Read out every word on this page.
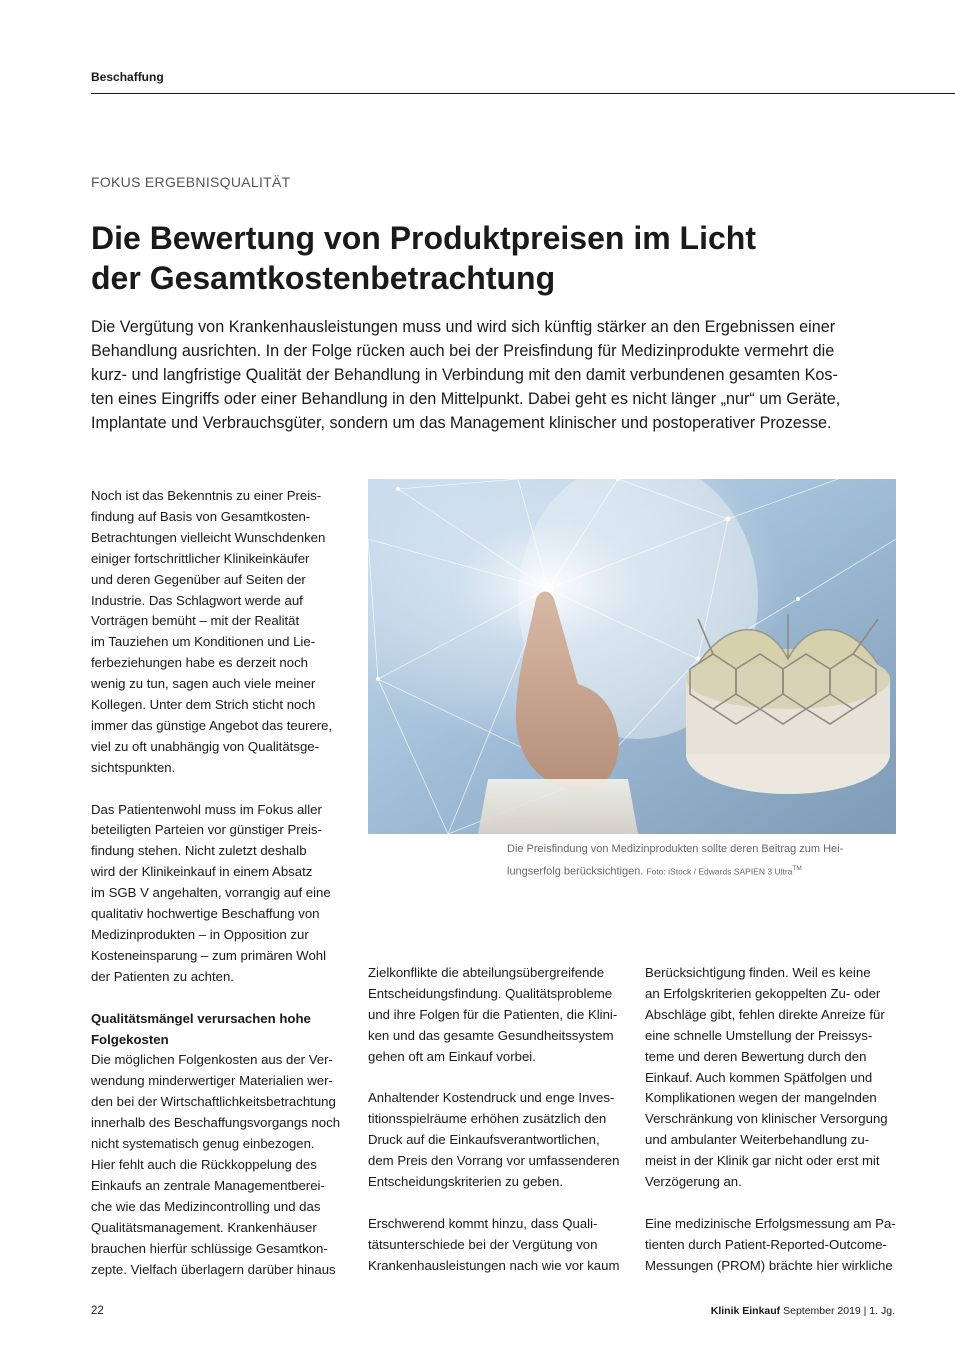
Beschaffung
FOKUS ERGEBNISQUALITÄT
Die Bewertung von Produktpreisen im Licht
der Gesamtkostenbetrachtung
Die Vergütung von Krankenhausleistungen muss und wird sich künftig stärker an den Ergebnissen einer
Behandlung ausrichten. In der Folge rücken auch bei der Preisfindung für Medizinprodukte vermehrt die
kurz- und langfristige Qualität der Behandlung in Verbindung mit den damit verbundenen gesamten Kos-
ten eines Eingriffs oder einer Behandlung in den Mittelpunkt. Dabei geht es nicht länger „nur“ um Geräte,
Implantate und Verbrauchsgüter, sondern um das Management klinischer und postoperativer Prozesse.
Noch ist das Bekenntnis zu einer Preis-
findung auf Basis von Gesamtkosten-
Betrachtungen vielleicht Wunschdenken
einiger fortschrittlicher Klinikeinkäufer
und deren Gegenüber auf Seiten der
Industrie. Das Schlagwort werde auf
Vorträgen bemüht – mit der Realität
im Tauziehen um Konditionen und Lie-
ferbeziehungen habe es derzeit noch
wenig zu tun, sagen auch viele meiner
Kollegen. Unter dem Strich sticht noch
immer das günstige Angebot das teurere,
viel zu oft unabhängig von Qualitätsge-
sichtspunkten.
Das Patientenwohl muss im Fokus aller
beteiligten Parteien vor günstiger Preis-
findung stehen. Nicht zuletzt deshalb
wird der Klinikeinkauf in einem Absatz
im SGB V angehalten, vorrangig auf eine
qualitativ hochwertige Beschaffung von
Medizinprodukten – in Opposition zur
Kosteneinsparung – zum primären Wohl
der Patienten zu achten.
Qualitätsmängel verursachen hohe
Folgekosten
Die möglichen Folgenkosten aus der Ver-
wendung minderwertiger Materialien wer-
den bei der Wirtschaftlichkeitsbetrachtung
innerhalb des Beschaffungsvorgangs noch
nicht systematisch genug einbezogen.
Hier fehlt auch die Rückkoppelung des
Einkaufs an zentrale Managementberei-
che wie das Medizincontrolling und das
Qualitätsmanagement. Krankenhäuser
brauchen hierfür schlüssige Gesamtkon-
zepte. Vielfach überlagern darüber hinaus
Die Preisfindung von Medizinprodukten sollte deren Beitrag zum Hei-
lungserfolg berücksichtigen. Foto: iStock / Edwards SAPIEN 3 Ultra™
Zielkonflikte die abteilungsübergreifende
Entscheidungsfindung. Qualitätsprobleme
und ihre Folgen für die Patienten, die Klini-
ken und das gesamte Gesundheitssystem
gehen oft am Einkauf vorbei.
Anhaltender Kostendruck und enge Inves-
titionsspielräume erhöhen zusätzlich den
Druck auf die Einkaufsverantwortlichen,
dem Preis den Vorrang vor umfassenderen
Entscheidungskriterien zu geben.
Erschwerend kommt hinzu, dass Quali-
tätsunterschiede bei der Vergütung von
Krankenhausleistungen nach wie vor kaum
Berücksichtigung finden. Weil es keine
an Erfolgskriterien gekoppelten Zu- oder
Abschläge gibt, fehlen direkte Anreize für
eine schnelle Umstellung der Preissys-
teme und deren Bewertung durch den
Einkauf. Auch kommen Spätfolgen und
Komplikationen wegen der mangelnden
Verschränkung von klinischer Versorgung
und ambulanter Weiterbehandlung zu-
meist in der Klinik gar nicht oder erst mit
Verzögerung an.
Eine medizinische Erfolgsmessung am Pa-
tienten durch Patient-Reported-Outcome-
Messungen (PROM) brächte hier wirkliche
22	Klinik Einkauf September 2019 | 1. Jg.
